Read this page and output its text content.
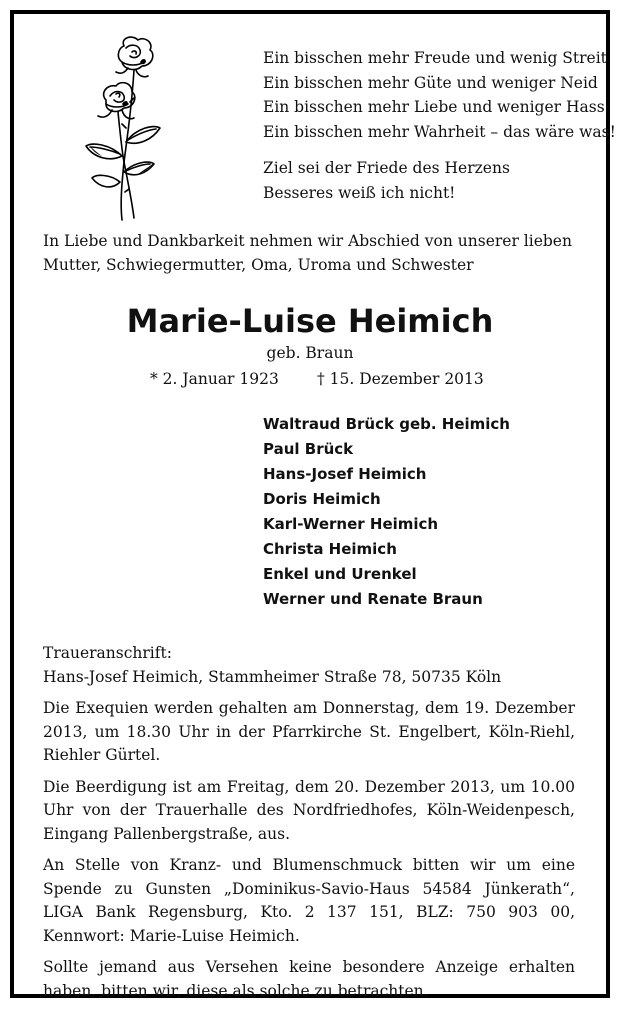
Ein bisschen mehr Freude und wenig Streit
Ein bisschen mehr Güte und weniger Neid
Ein bisschen mehr Liebe und weniger Hass
Ein bisschen mehr Wahrheit – das wäre was!
Ziel sei der Friede des Herzens
Besseres weiß ich nicht!
In Liebe und Dankbarkeit nehmen wir Abschied von unserer lieben Mutter, Schwiegermutter, Oma, Uroma und Schwester
Marie-Luise Heimich
geb. Braun
* 2. Januar 1923 † 15. Dezember 2013
Waltraud Brück geb. Heimich
Paul Brück
Hans-Josef Heimich
Doris Heimich
Karl-Werner Heimich
Christa Heimich
Enkel und Urenkel
Werner und Renate Braun

Traueranschrift:
Hans-Josef Heimich, Stammheimer Straße 78, 50735 Köln

Die Exequien werden gehalten am Donnerstag, dem 19. Dezember 2013, um 18.30 Uhr in der Pfarrkirche St. Engelbert, Köln-Riehl, Riehler Gürtel.

Die Beerdigung ist am Freitag, dem 20. Dezember 2013, um 10.00 Uhr von der Trauerhalle des Nordfriedhofes, Köln-Weidenpesch, Eingang Pallenbergstraße, aus.

An Stelle von Kranz- und Blumenschmuck bitten wir um eine Spende zu Gunsten „Dominikus-Savio-Haus 54584 Jünkerath“, LIGA Bank Regensburg, Kto. 2 137 151, BLZ: 750 903 00, Kennwort: Marie-Luise Heimich.

Sollte jemand aus Versehen keine besondere Anzeige erhalten haben, bitten wir, diese als solche zu betrachten.
